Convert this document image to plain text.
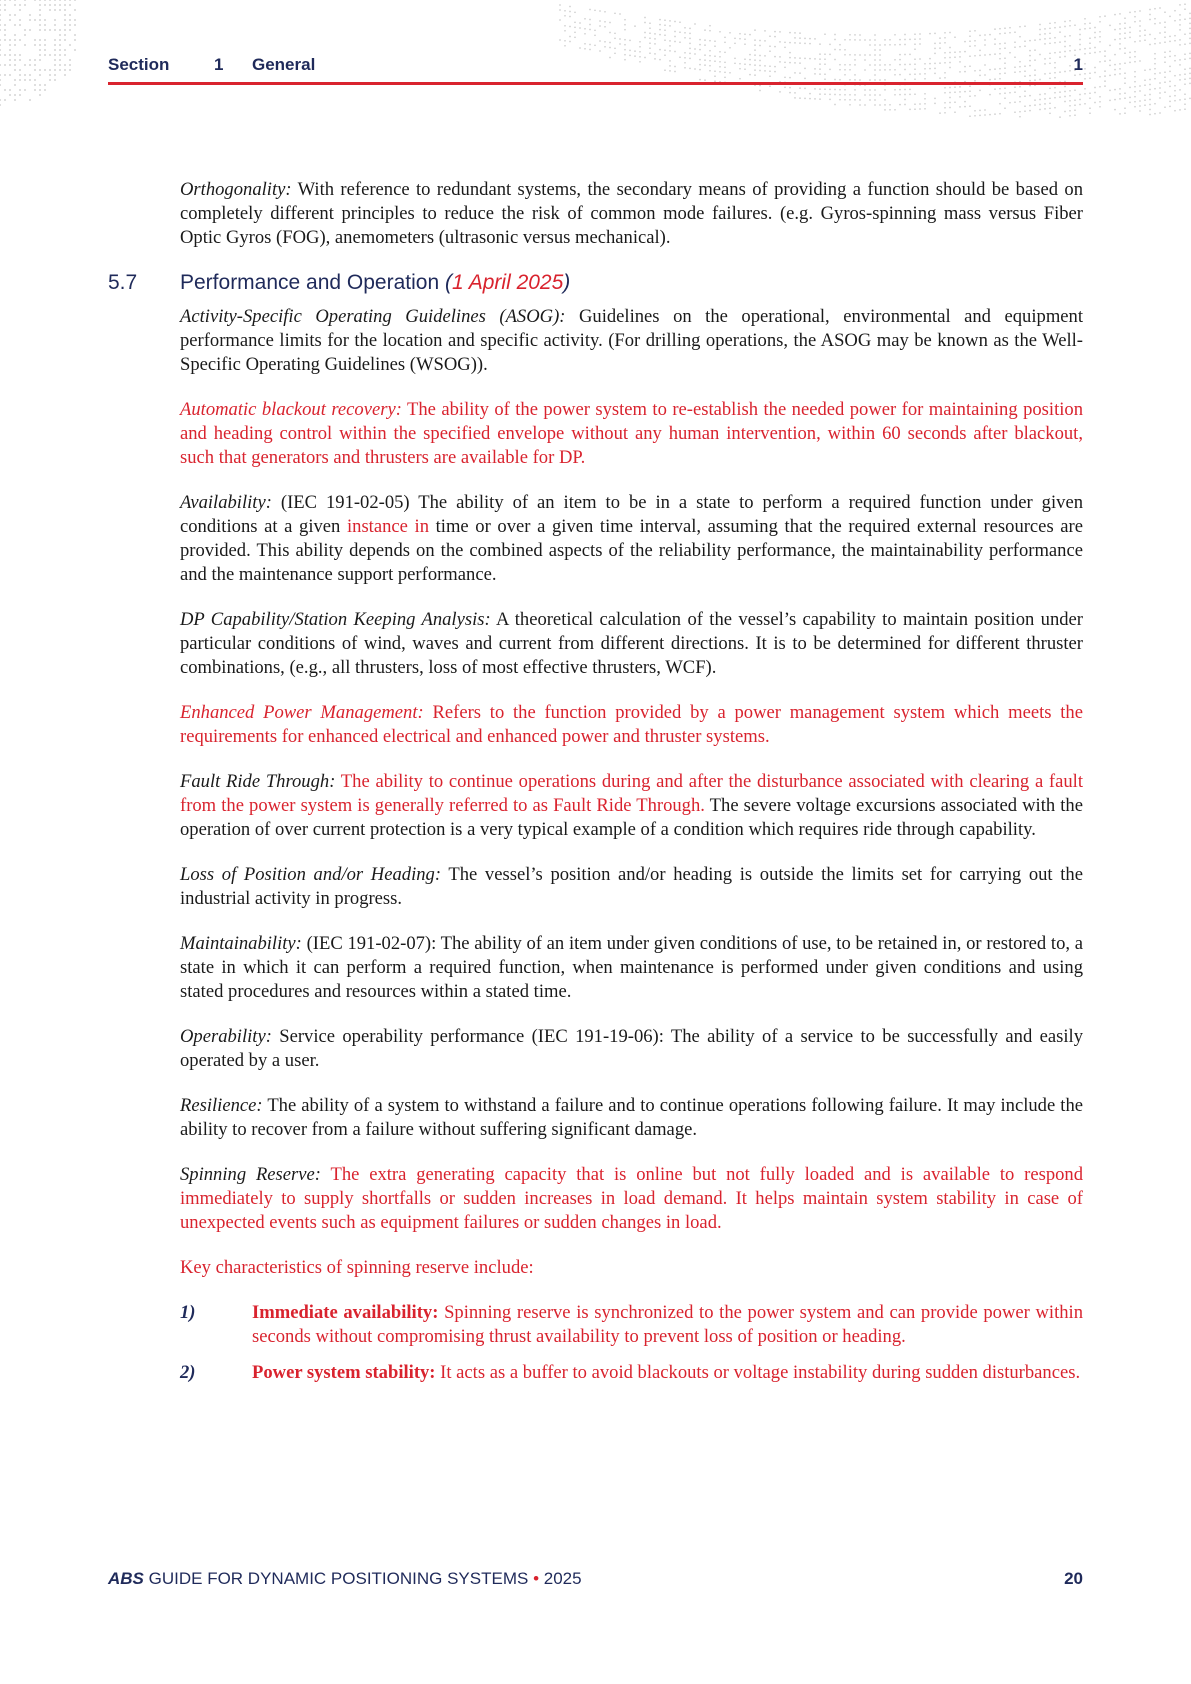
Section	1 General	1

Orthogonality: With reference to redundant systems, the secondary means of providing a function should be based on completely different principles to reduce the risk of common mode failures. (e.g. Gyros-spinning mass versus Fiber Optic Gyros (FOG), anemometers (ultrasonic versus mechanical).

5.7 Performance and Operation (1 April 2025)

Activity-Specific Operating Guidelines (ASOG): Guidelines on the operational, environmental and equipment performance limits for the location and specific activity. (For drilling operations, the ASOG may be known as the Well-Specific Operating Guidelines (WSOG)).

Automatic blackout recovery: The ability of the power system to re-establish the needed power for maintaining position and heading control within the specified envelope without any human intervention, within 60 seconds after blackout, such that generators and thrusters are available for DP.

Availability: (IEC 191-02-05) The ability of an item to be in a state to perform a required function under given conditions at a given instance in time or over a given time interval, assuming that the required external resources are provided. This ability depends on the combined aspects of the reliability performance, the maintainability performance and the maintenance support performance.

DP Capability/Station Keeping Analysis: A theoretical calculation of the vessel’s capability to maintain position under particular conditions of wind, waves and current from different directions. It is to be determined for different thruster combinations, (e.g., all thrusters, loss of most effective thrusters, WCF).

Enhanced Power Management: Refers to the function provided by a power management system which meets the requirements for enhanced electrical and enhanced power and thruster systems.

Fault Ride Through: The ability to continue operations during and after the disturbance associated with clearing a fault from the power system is generally referred to as Fault Ride Through. The severe voltage excursions associated with the operation of over current protection is a very typical example of a condition which requires ride through capability.

Loss of Position and/or Heading: The vessel’s position and/or heading is outside the limits set for carrying out the industrial activity in progress.

Maintainability: (IEC 191-02-07): The ability of an item under given conditions of use, to be retained in, or restored to, a state in which it can perform a required function, when maintenance is performed under given conditions and using stated procedures and resources within a stated time.

Operability: Service operability performance (IEC 191-19-06): The ability of a service to be successfully and easily operated by a user.

Resilience: The ability of a system to withstand a failure and to continue operations following failure. It may include the ability to recover from a failure without suffering significant damage.

Spinning Reserve: The extra generating capacity that is online but not fully loaded and is available to respond immediately to supply shortfalls or sudden increases in load demand. It helps maintain system stability in case of unexpected events such as equipment failures or sudden changes in load.

Key characteristics of spinning reserve include:

1)	Immediate availability: Spinning reserve is synchronized to the power system and can provide power within seconds without compromising thrust availability to prevent loss of position or heading.
2)	Power system stability: It acts as a buffer to avoid blackouts or voltage instability during sudden disturbances.
ABS GUIDE FOR DYNAMIC POSITIONING SYSTEMS • 2025	20
